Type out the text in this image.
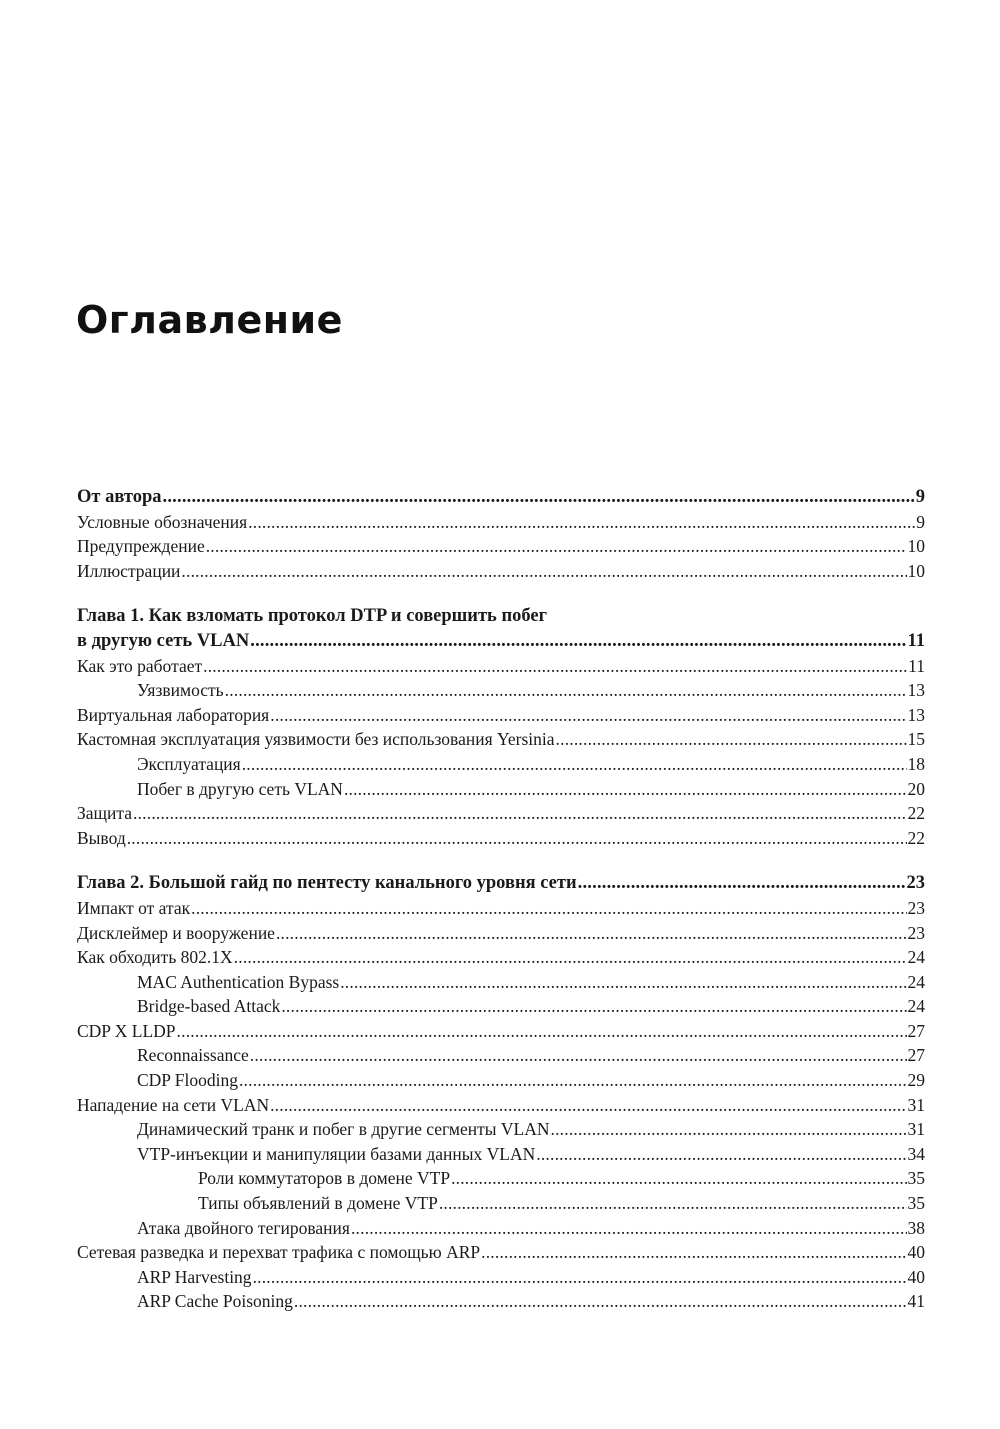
Оглавление
От автора .....	9
Условные обозначения .....	9
Предупреждение .....	10
Иллюстрации .....	10
Глава 1. Как взломать протокол DTP и совершить побег
в другую сеть VLAN .....	11
Как это работает .....	11
Уязвимость .....	13
Виртуальная лаборатория .....	13
Кастомная эксплуатация уязвимости без использования Yersinia .....	15
Эксплуатация .....	18
Побег в другую сеть VLAN .....	20
Защита .....	22
Вывод .....	22
Глава 2. Большой гайд по пентесту канального уровня сети .....	23
Импакт от атак .....	23
Дисклеймер и вооружение .....	23
Как обходить 802.1X .....	24
MAC Authentication Bypass .....	24
Bridge-based Attack .....	24
CDP X LLDP .....	27
Reconnaissance .....	27
CDP Flooding .....	29
Нападение на сети VLAN .....	31
Динамический транк и побег в другие сегменты VLAN .....	31
VTP-инъекции и манипуляции базами данных VLAN .....	34
Роли коммутаторов в домене VTP .....	35
Типы объявлений в домене VTP .....	35
Атака двойного тегирования .....	38
Сетевая разведка и перехват трафика с помощью ARP .....	40
ARP Harvesting .....	40
ARP Cache Poisoning .....	41
